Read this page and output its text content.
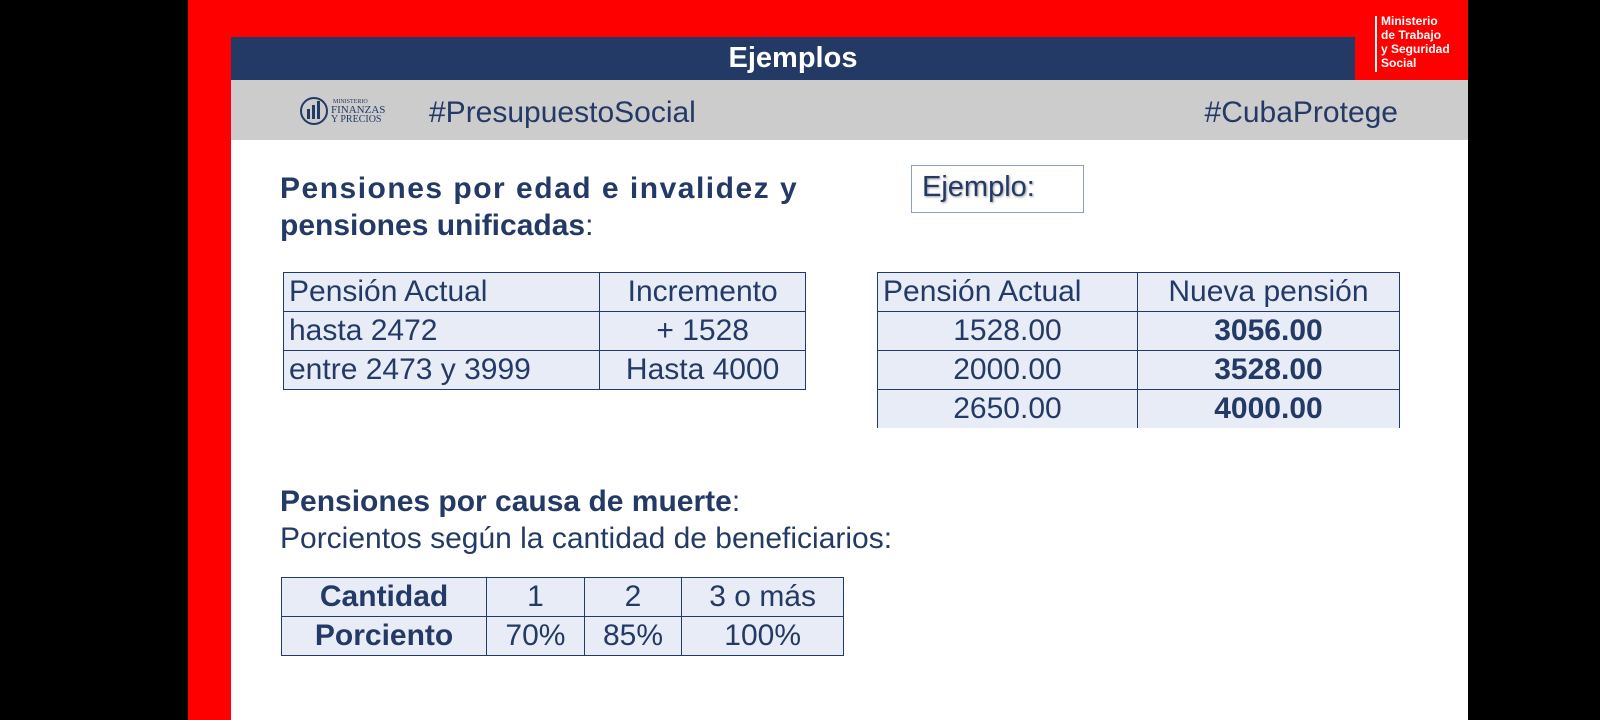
Ejemplos
Ministerio
de Trabajo
y Seguridad
Social
MINISTERIO
FINANZAS
Y PRECIOS #PresupuestoSocial	#CubaProtege
Pensiones por edad e invalidez y
pensiones unificadas:
Ejemplo:
Pensión Actual	Incremento
hasta 2472	+ 1528
entre 2473 y 3999	Hasta 4000
Pensión Actual	Nueva pensión
1528.00	3056.00
2000.00	3528.00
2650.00	4000.00
Pensiones por causa de muerte:
Porcientos según la cantidad de beneficiarios:
Cantidad	1	2	3 o más
Porciento	70%	85%	100%
